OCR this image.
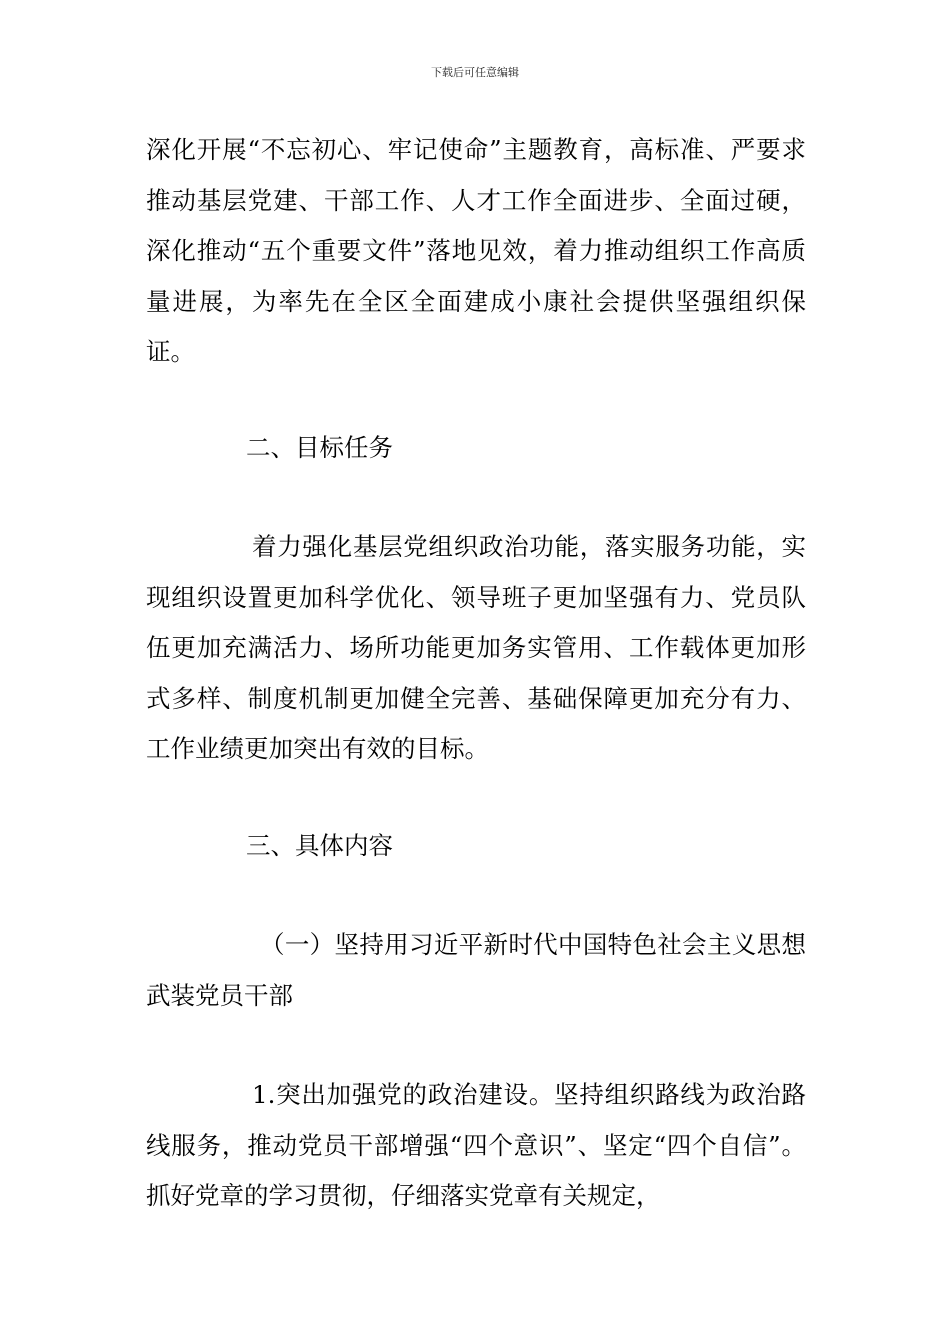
下载后可任意编辑

深化开展“不忘初心、牢记使命”主题教育，高标准、严要求推动基层党建、干部工作、人才工作全面进步、全面过硬，深化推动“五个重要文件”落地见效，着力推动组织工作高质量进展，为率先在全区全面建成小康社会提供坚强组织保证。

二、目标任务

着力强化基层党组织政治功能，落实服务功能，实现组织设置更加科学优化、领导班子更加坚强有力、党员队伍更加充满活力、场所功能更加务实管用、工作载体更加形式多样、制度机制更加健全完善、基础保障更加充分有力、工作业绩更加突出有效的目标。

三、具体内容

（一）坚持用习近平新时代中国特色社会主义思想武装党员干部

1.突出加强党的政治建设。坚持组织路线为政治路线服务，推动党员干部增强“四个意识”、坚定“四个自信”。抓好党章的学习贯彻，仔细落实党章有关规定，
